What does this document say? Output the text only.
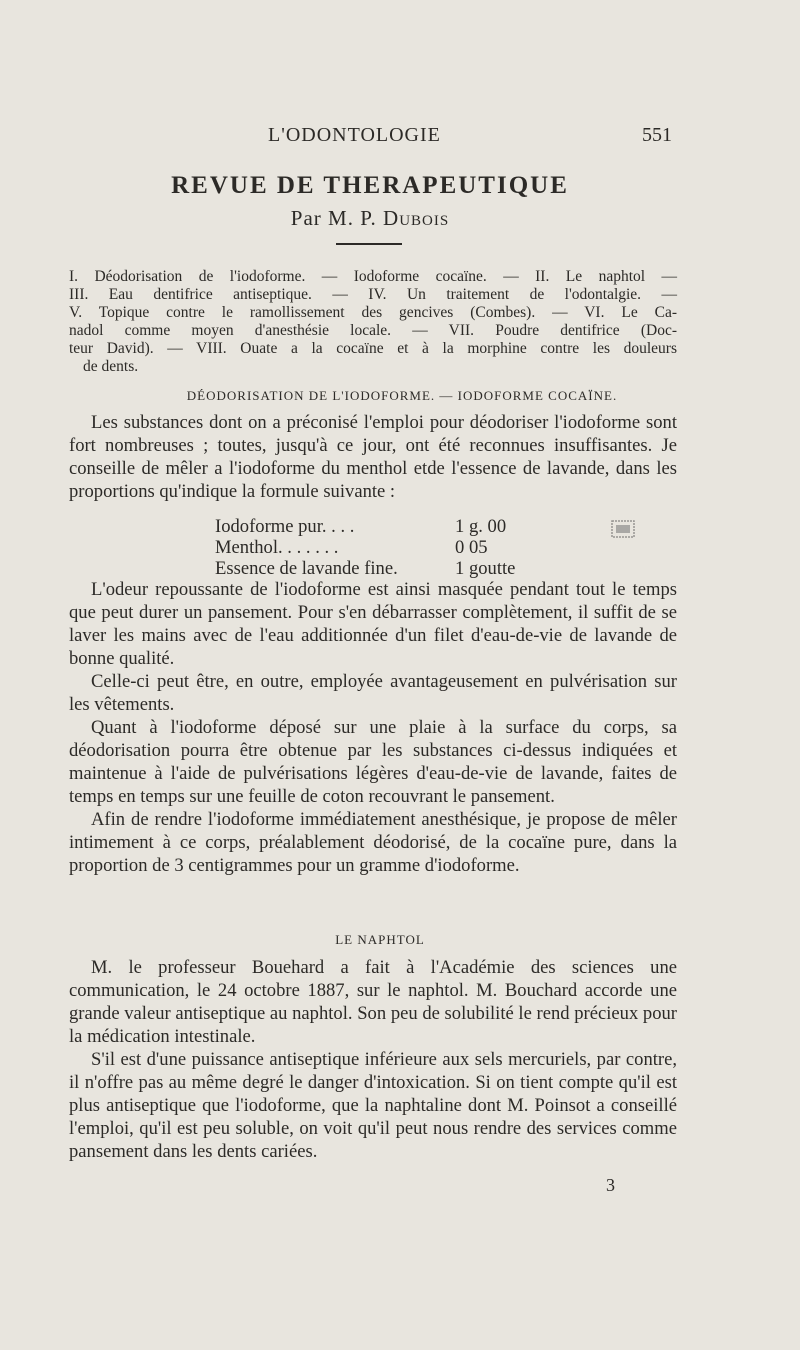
L'ODONTOLOGIE	551
REVUE DE THERAPEUTIQUE
Par M. P. Dubois
I. Déodorisation de l'iodoforme. — Iodoforme cocaïne. — II. Le naphtol —
III. Eau dentifrice antiseptique. — IV. Un traitement de l'odontalgie. —
V. Topique contre le ramollissement des gencives (Combes). — VI. Le Ca-
nadol comme moyen d'anesthésie locale. — VII. Poudre dentifrice (Doc-
teur David). — VIII. Ouate a la cocaïne et à la morphine contre les douleurs
de dents.
DÉODORISATION DE L'IODOFORME. — IODOFORME COCAÏNE.

Les substances dont on a préconisé l'emploi pour déodoriser l'iodoforme sont fort nombreuses ; toutes, jusqu'à ce jour, ont été reconnues insuffisantes. Je conseille de mêler a l'iodoforme du menthol etde l'essence de lavande, dans les proportions qu'indique la formule suivante :

Iodoforme pur. . . .	1 g. 00
Menthol. . . . . . .	0 05
Essence de lavande fine.	1 goutte

L'odeur repoussante de l'iodoforme est ainsi masquée pendant tout le temps que peut durer un pansement. Pour s'en débarrasser complètement, il suffit de se laver les mains avec de l'eau additionnée d'un filet d'eau-de-vie de lavande de bonne qualité.

Celle-ci peut être, en outre, employée avantageusement en pulvérisation sur les vêtements.

Quant à l'iodoforme déposé sur une plaie à la surface du corps, sa déodorisation pourra être obtenue par les substances ci-dessus indiquées et maintenue à l'aide de pulvérisations légères d'eau-de-vie de lavande, faites de temps en temps sur une feuille de coton recouvrant le pansement.

Afin de rendre l'iodoforme immédiatement anesthésique, je propose de mêler intimement à ce corps, préalablement déodorisé, de la cocaïne pure, dans la proportion de 3 centigrammes pour un gramme d'iodoforme.

LE NAPHTOL

M. le professeur Bouehard a fait à l'Académie des sciences une communication, le 24 octobre 1887, sur le naphtol. M. Bouchard accorde une grande valeur antiseptique au naphtol. Son peu de solubilité le rend précieux pour la médication intestinale.

S'il est d'une puissance antiseptique inférieure aux sels mercuriels, par contre, il n'offre pas au même degré le danger d'intoxication. Si on tient compte qu'il est plus antiseptique que l'iodoforme, que la naphtaline dont M. Poinsot a conseillé l'emploi, qu'il est peu soluble, on voit qu'il peut nous rendre des services comme pansement dans les dents cariées.

3
